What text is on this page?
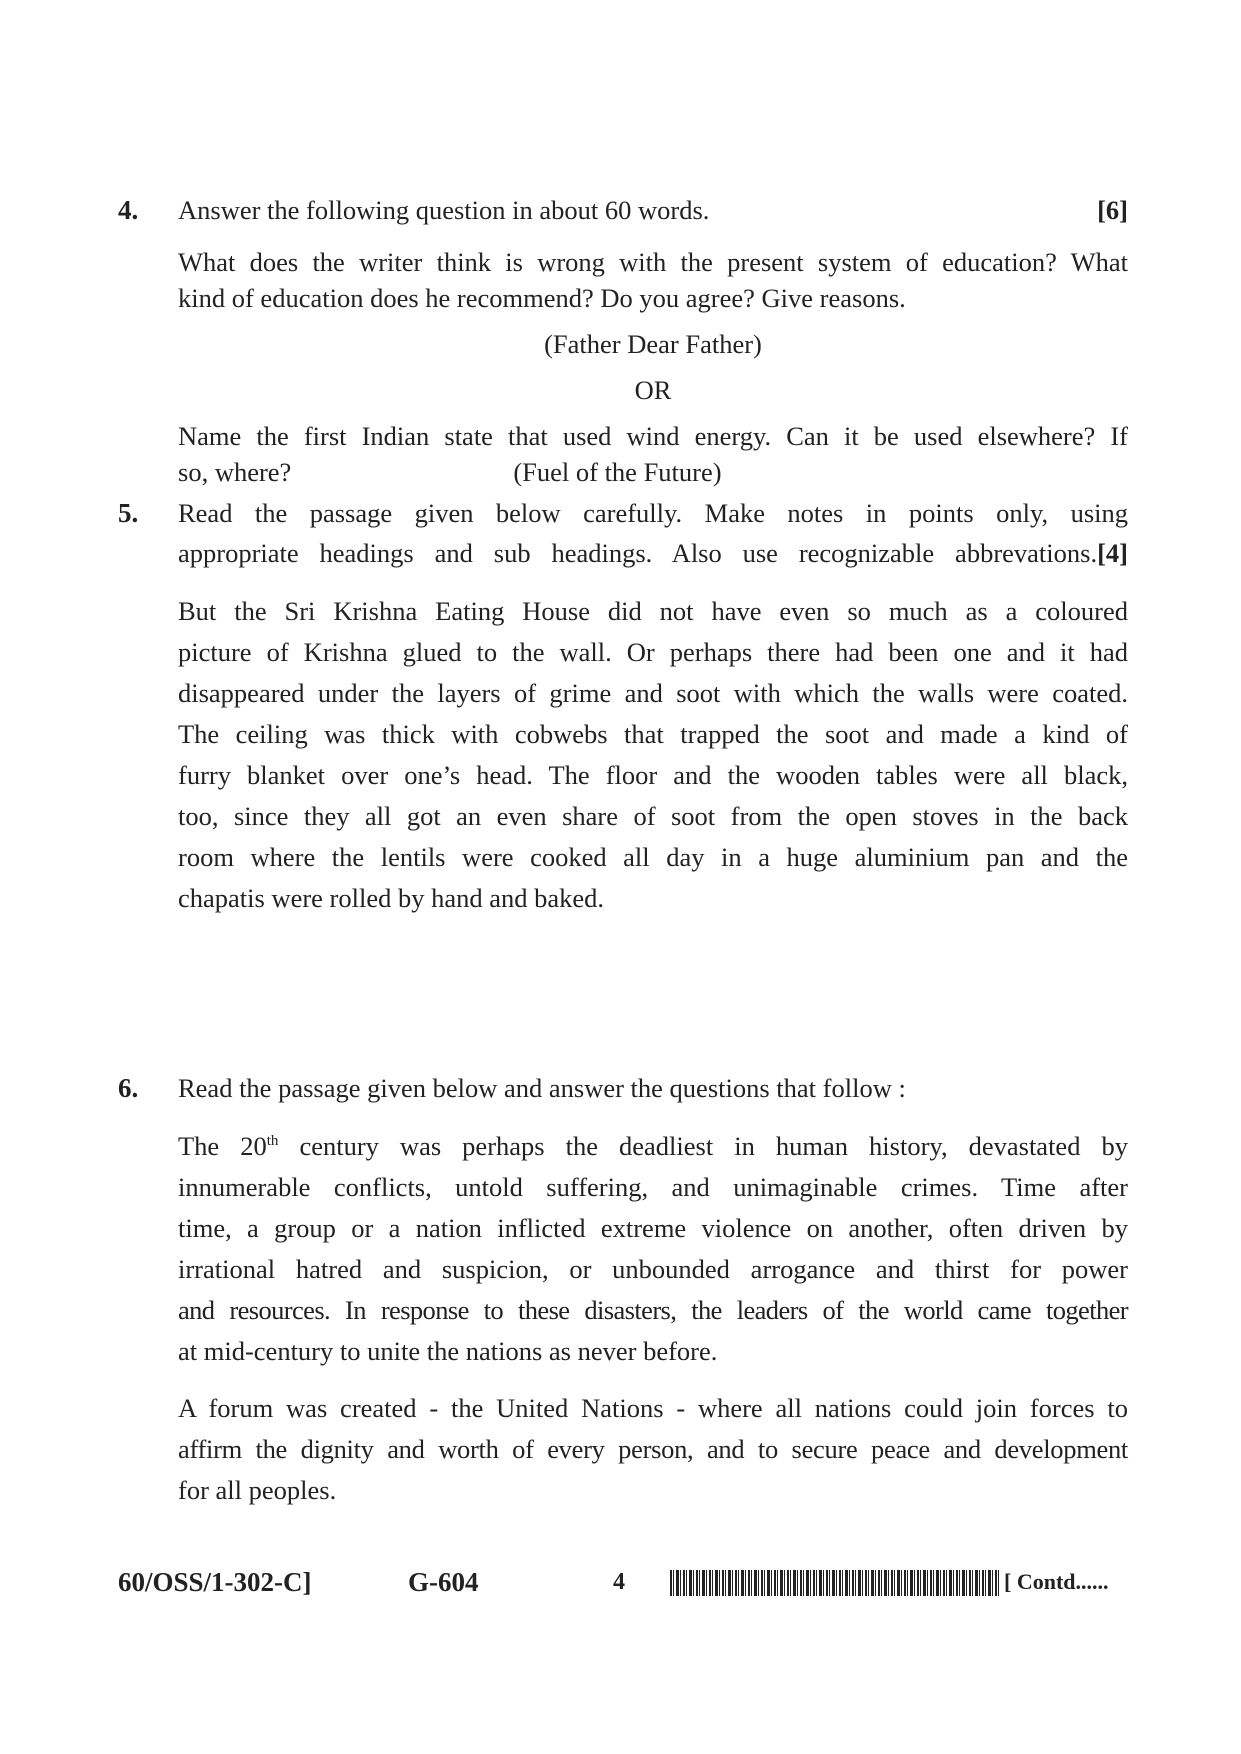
4. Answer the following question in about 60 words.	[6]
What does the writer think is wrong with the present system of education? What
kind of education does he recommend? Do you agree? Give reasons.
(Father Dear Father)
OR
Name the first Indian state that used wind energy. Can it be used elsewhere? If
so, where?	(Fuel of the Future)
5. Read the passage given below carefully. Make notes in points only, using
appropriate headings and sub headings. Also use recognizable abbrevations.[4]
But the Sri Krishna Eating House did not have even so much as a coloured
picture of Krishna glued to the wall. Or perhaps there had been one and it had
disappeared under the layers of grime and soot with which the walls were coated.
The ceiling was thick with cobwebs that trapped the soot and made a kind of
furry blanket over one’s head. The floor and the wooden tables were all black,
too, since they all got an even share of soot from the open stoves in the back
room where the lentils were cooked all day in a huge aluminium pan and the
chapatis were rolled by hand and baked.
6. Read the passage given below and answer the questions that follow :
The 20th century was perhaps the deadliest in human history, devastated by
innumerable conflicts, untold suffering, and unimaginable crimes. Time after
time, a group or a nation inflicted extreme violence on another, often driven by
irrational hatred and suspicion, or unbounded arrogance and thirst for power
and resources. In response to these disasters, the leaders of the world came together
at mid-century to unite the nations as never before.
A forum was created - the United Nations - where all nations could join forces to
affirm the dignity and worth of every person, and to secure peace and development
for all peoples.
60/OSS/1-302-C]	G-604	4	[ Contd......
